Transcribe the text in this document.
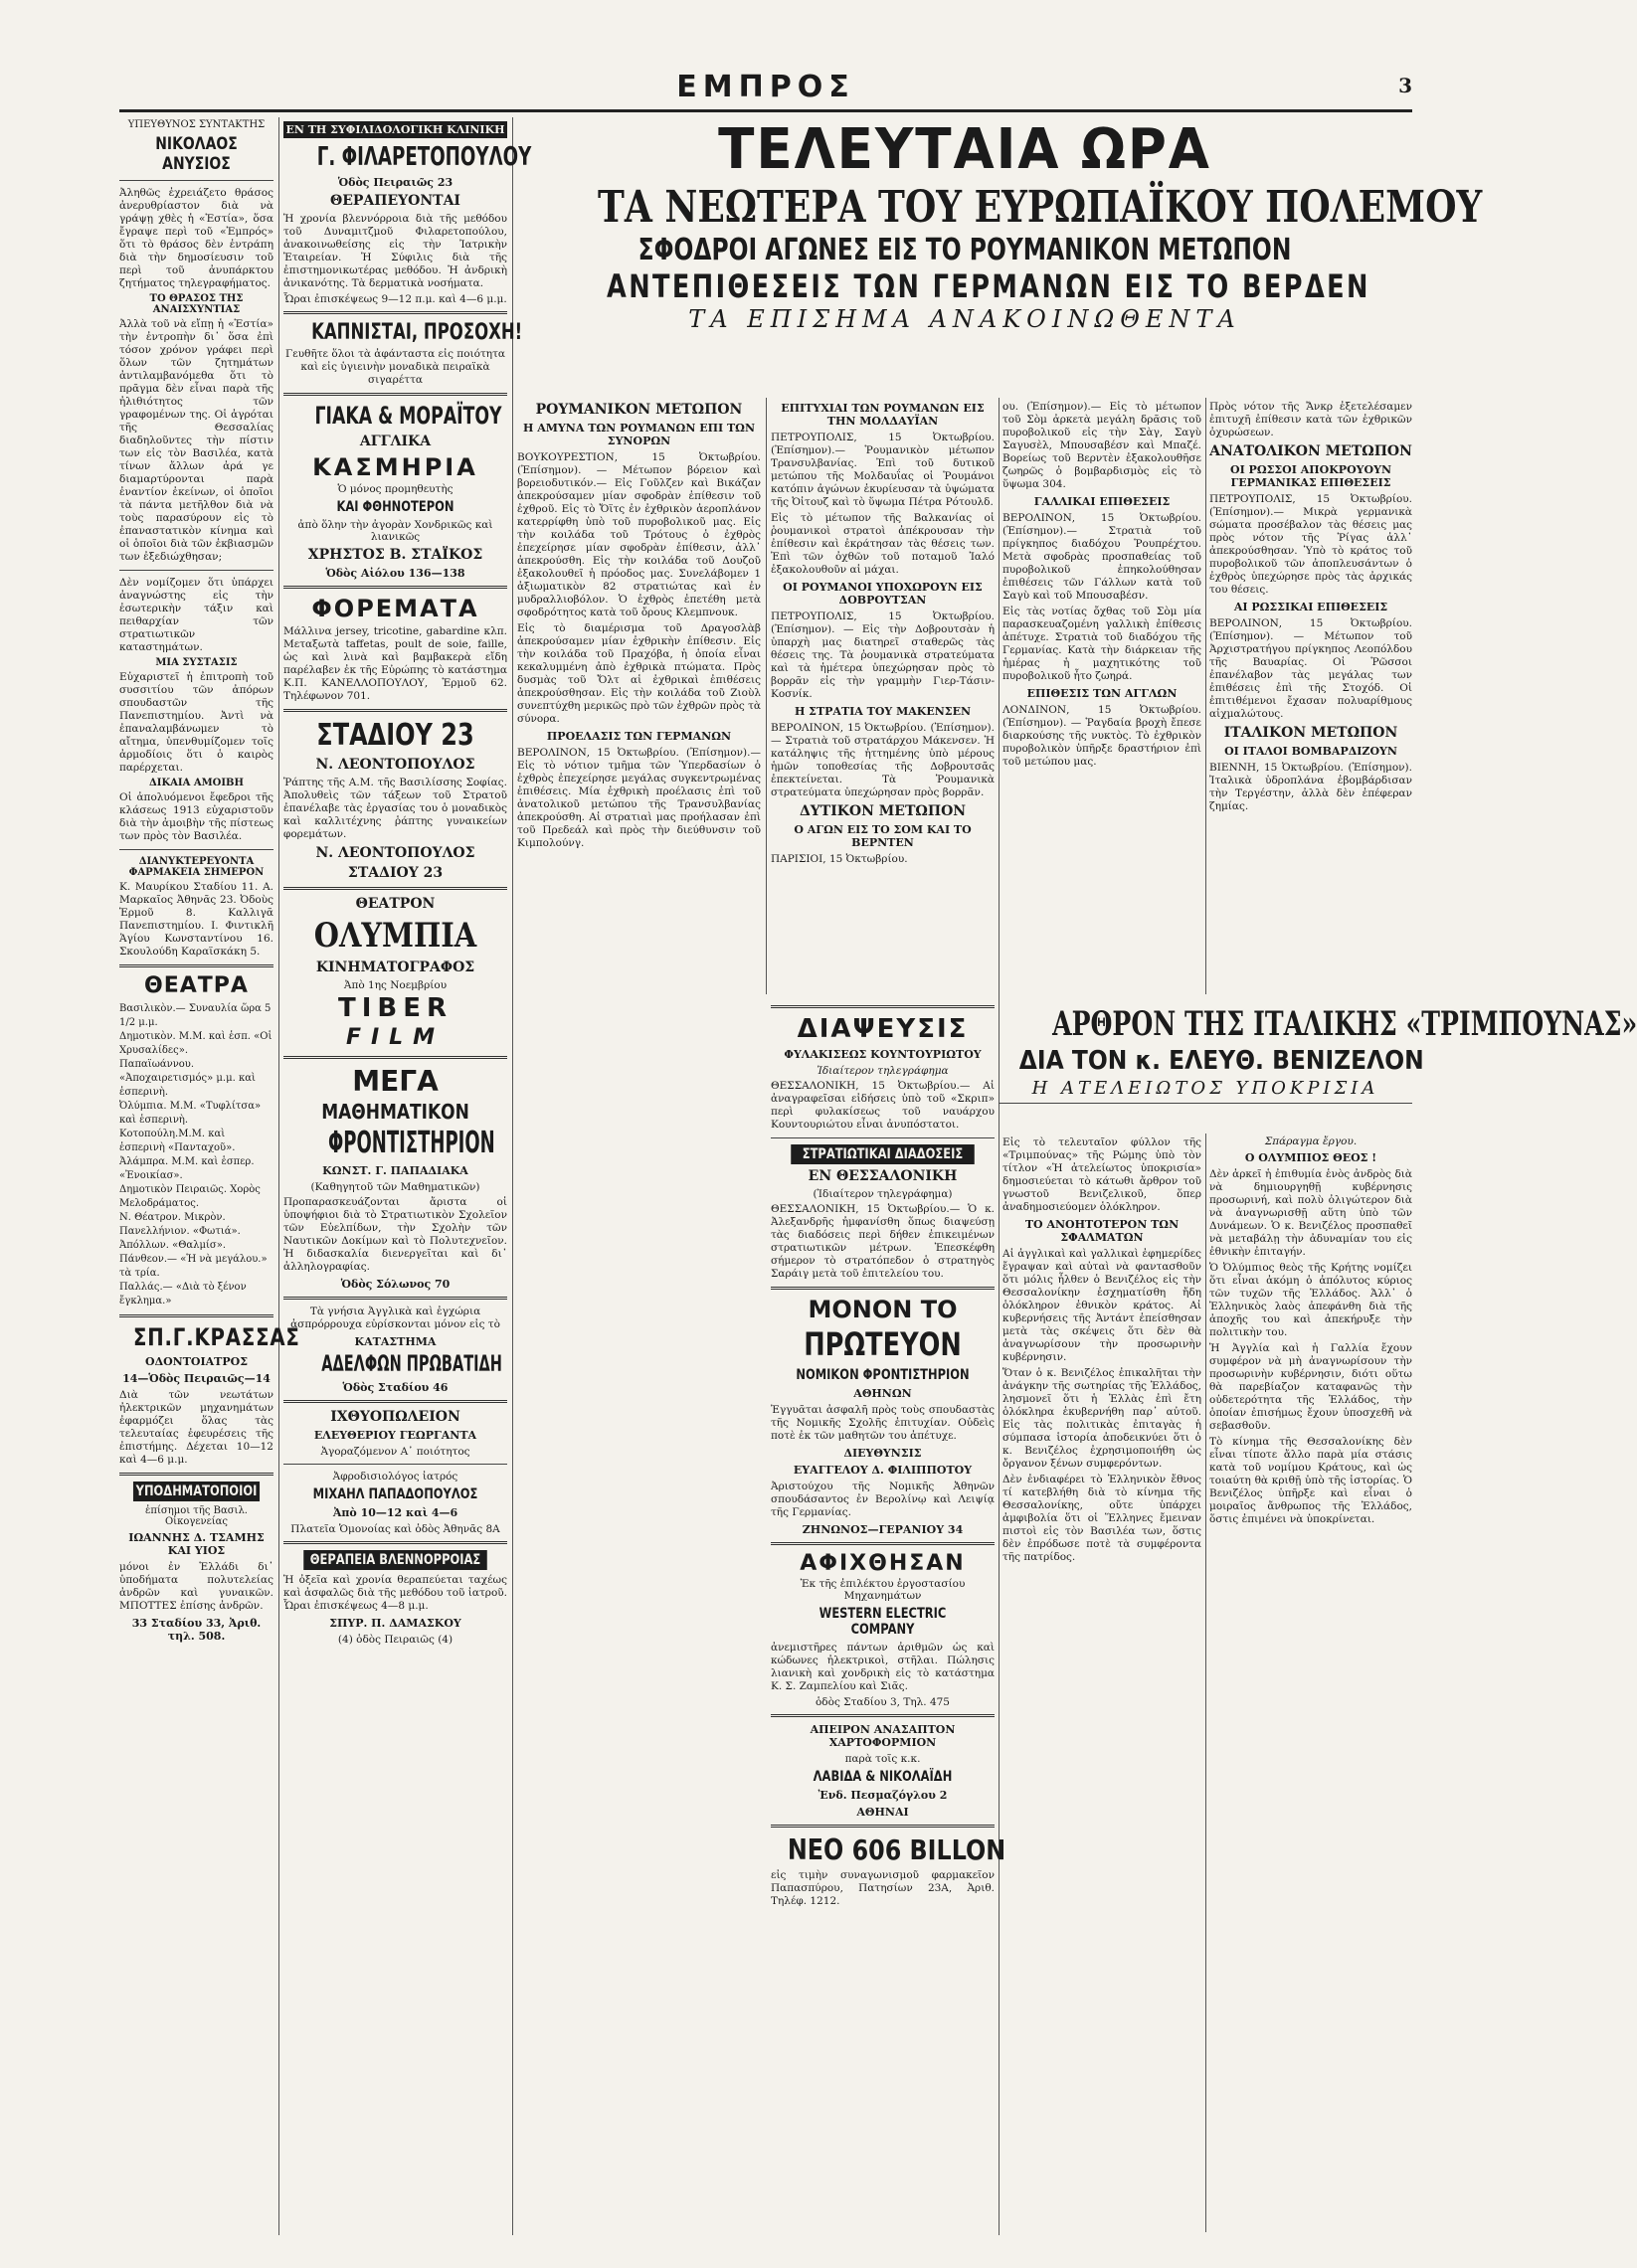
ΕΜΠΡΟΣ	3
ΥΠΕΥΘΥΝΟΣ ΣΥΝΤΑΚΤΗΣ
ΝΙΚΟΛΑΟΣ ΑΝΥΣΙΟΣ

Ἀληθῶς ἐχρειάζετο θράσος ἀνερυθρίαστον διὰ νὰ γράψῃ χθὲς ἡ «Ἑστία», ὅσα ἔγραψε περὶ τοῦ «Ἐμπρός» ὅτι τὸ θράσος δὲν ἐντράπη διὰ τὴν δημοσίευσιν τοῦ περὶ τοῦ ἀνυπάρκτου ζητήματος τηλεγραφήματος.

ΤΟ ΘΡΑΣΟΣ ΤΗΣ ΑΝΑΙΣΧΥΝΤΙΑΣ

Ἀλλὰ τοῦ νὰ εἴπῃ ἡ «Ἑστία» τὴν ἐντροπὴν δι᾽ ὅσα ἐπὶ τόσον χρόνον γράφει περὶ ὅλων τῶν ζητημάτων ἀντιλαμβανόμεθα ὅτι τὸ πρᾶγμα δὲν εἶναι παρὰ τῆς ἠλιθιότητος τῶν γραφομένων της. Οἱ ἀγρόται τῆς Θεσσαλίας διαδηλοῦντες τὴν πίστιν των εἰς τὸν Βασιλέα, κατὰ τίνων ἄλλων ἀρά γε διαμαρτύρονται παρὰ ἐναντίον ἐκείνων, οἱ ὁποῖοι τὰ πάντα μετῆλθον διὰ νὰ τοὺς παρασύρουν εἰς τὸ ἐπαναστατικὸν κίνημα καὶ οἱ ὁποῖοι διὰ τῶν ἐκβιασμῶν των ἐξεδιώχθησαν;

Δὲν νομίζομεν ὅτι ὑπάρχει ἀναγνώστης εἰς τὴν ἐσωτερικὴν τάξιν καὶ πειθαρχίαν τῶν στρατιωτικῶν καταστημάτων.

ΜΙΑ ΣΥΣΤΑΣΙΣ

Εὐχαριστεῖ ἡ ἐπιτροπὴ τοῦ συσσιτίου τῶν ἀπόρων σπουδαστῶν τῆς Πανεπιστημίου. Ἀντὶ νὰ ἐπαναλαμβάνωμεν τὸ αἴτημα, ὑπενθυμίζομεν τοῖς ἀρμοδίοις ὅτι ὁ καιρὸς παρέρχεται.

ΔΙΚΑΙΑ ΑΜΟΙΒΗ

Οἱ ἀπολυόμενοι ἔφεδροι τῆς κλάσεως 1913 εὐχαριστοῦν διὰ τὴν ἀμοιβὴν τῆς πίστεως των πρὸς τὸν Βασιλέα.

ΔΙΑΝΥΚΤΕΡΕΥΟΝΤΑ ΦΑΡΜΑΚΕΙΑ ΣΗΜΕΡΟΝ

Κ. Μαυρίκου Σταδίου 11. Α. Μαρκαῖος Ἀθηνᾶς 23. Ὀδοὺς Ἑρμοῦ 8. Καλλιγᾶ Πανεπιστημίου. Ι. Φιντικλῆ Ἁγίου Κωνσταντίνου 16. Σκουλούδη Καραϊσκάκη 5.

ΘΕΑΤΡΑ

Βασιλικὸν.— Συναυλία ὥρα 5 1/2 μ.μ.

Δημοτικὸν. Μ.Μ. καὶ ἑσπ. «Οἱ Χρυσαλίδες».

Παπαϊωάννου. «Ἀποχαιρετισμός» μ.μ. καὶ ἑσπερινὴ.

Ὀλύμπια. Μ.Μ. «Τυφλίτσα» καὶ ἑσπερινὴ.

Κοτοπούλη.Μ.Μ. καὶ ἑσπερινὴ «Πανταχοῦ».

Ἀλάμπρα. Μ.Μ. καὶ ἑσπερ. «Ἐνοικίασ».

Δημοτικὸν Πειραιῶς. Χορὸς Μελοδράματος.

Ν. Θέατρον. Μικρὸν.

Πανελλήνιον. «Φωτιά».

Ἀπόλλων. «Θαλμίσ».

Πάνθεον.— «Ἡ νὰ μεγάλου.» τὰ τρία.

Παλλάς.— «Διὰ τὸ ξένον ἔγκλημα.»

ΣΠ.Γ.ΚΡΑΣΣΑΣ
ΟΔΟΝΤΟΙΑΤΡΟΣ
14—Ὁδὸς Πειραιῶς—14

Διὰ τῶν νεωτάτων ἠλεκτρικῶν μηχανημάτων ἐφαρμόζει ὅλας τὰς τελευταίας ἐφευρέσεις τῆς ἐπιστήμης. Δέχεται 10—12 καὶ 4—6 μ.μ.

ΥΠΟΔΗΜΑΤΟΠΟΙΟΙ
ἐπίσημοι τῆς Βασιλ. Οἰκογενείας
ΙΩΑΝΝΗΣ Δ. ΤΣΑΜΗΣ ΚΑΙ ΥΙΟΣ

μόνοι ἐν Ἑλλάδι δι᾽ ὑποδήματα πολυτελείας ἀνδρῶν καὶ γυναικῶν. ΜΠΟΤΤΕΣ ἐπίσης ἀνδρῶν.

33 Σταδίου 33, Ἀριθ. τηλ. 508.
ΕΝ ΤΗ ΣΥΦΙΛΙΔΟΛΟΓΙΚΗ ΚΛΙΝΙΚΗ
Γ. ΦΙΛΑΡΕΤΟΠΟΥΛΟΥ
Ὁδὸς Πειραιῶς 23
ΘΕΡΑΠΕΥΟΝΤΑΙ

Ἡ χρονία βλεννόρροια διὰ τῆς μεθόδου τοῦ Δυναμιτζμοῦ Φιλαρετοπούλου, ἀνακοινωθείσης εἰς τὴν Ἰατρικὴν Ἑταιρείαν. Ἡ Σύφιλις διὰ τῆς ἐπιστημονικωτέρας μεθόδου. Ἡ ἀνδρικὴ ἀνικανότης. Τὰ δερματικὰ νοσήματα.

Ὧραι ἐπισκέψεως 9—12 π.μ. καὶ 4—6 μ.μ.
ΚΑΠΝΙΣΤΑΙ, ΠΡΟΣΟΧΗ!

Γευθῆτε ὅλοι τὰ ἀφάνταστα εἰς ποιότητα καὶ εἰς ὑγιεινὴν μοναδικὰ πειραϊκὰ σιγαρέττα

ΓΙΑΚΑ & ΜΟΡΑΪΤΟΥ
ΑΓΓΛΙΚΑ
ΚΑΣΜΗΡΙΑ
Ὁ μόνος προμηθευτὴς
ΚΑΙ ΦΘΗΝΟΤΕΡΟΝ
ἀπὸ ὅλην τὴν ἀγορὰν Χονδρικῶς καὶ λιανικῶς
ΧΡΗΣΤΟΣ Β. ΣΤΑΪΚΟΣ
Ὁδὸς Αἰόλου 136—138
ΦΟΡΕΜΑΤΑ

Μάλλινα jersey, tricotine, gabardine κλπ. Μεταξωτὰ taffetas, poult de soie, faille, ὡς καὶ λινὰ καὶ βαμβακερὰ εἴδη παρέλαβεν ἐκ τῆς Εὐρώπης τὸ κατάστημα Κ.Π. ΚΑΝΕΛΛΟΠΟΥΛΟΥ, Ἑρμοῦ 62. Τηλέφωνον 701.

ΣΤΑΔΙΟΥ 23
Ν. ΛΕΟΝΤΟΠΟΥΛΟΣ

Ῥάπτης τῆς Α.Μ. τῆς Βασιλίσσης Σοφίας. Ἀπολυθεὶς τῶν τάξεων τοῦ Στρατοῦ ἐπανέλαβε τὰς ἐργασίας του ὁ μοναδικὸς καὶ καλλιτέχνης ῥάπτης γυναικείων φορεμάτων.

Ν. ΛΕΟΝΤΟΠΟΥΛΟΣ
ΣΤΑΔΙΟΥ 23
ΘΕΑΤΡΟΝ
ΟΛΥΜΠΙΑ
ΚΙΝΗΜΑΤΟΓΡΑΦΟΣ
Ἀπὸ 1ης Νοεμβρίου
TIBER
FILM
ΜΕΓΑ
ΜΑΘΗΜΑΤΙΚΟΝ
ΦΡΟΝΤΙΣΤΗΡΙΟΝ
ΚΩΝΣΤ. Γ. ΠΑΠΑΔΙΑΚΑ
(Καθηγητοῦ τῶν Μαθηματικῶν)

Προπαρασκευάζονται ἄριστα οἱ ὑποψήφιοι διὰ τὸ Στρατιωτικὸν Σχολεῖον τῶν Εὐελπίδων, τὴν Σχολὴν τῶν Ναυτικῶν Δοκίμων καὶ τὸ Πολυτεχνεῖον. Ἡ διδασκαλία διενεργεῖται καὶ δι᾽ ἀλληλογραφίας.

Ὁδὸς Σόλωνος 70

Τὰ γνήσια Ἀγγλικὰ καὶ ἐγχώρια ἀσπρόρρουχα εὑρίσκονται μόνον εἰς τὸ

ΚΑΤΑΣΤΗΜΑ
ΑΔΕΛΦΩΝ ΠΡΩΒΑΤΙΔΗ
Ὁδὸς Σταδίου 46
ΙΧΘΥΟΠΩΛΕΙΟΝ
ΕΛΕΥΘΕΡΙΟΥ ΓΕΩΡΓΑΝΤΑ
Ἀγοραζόμενον Α᾽ ποιότητος
Ἀφροδισιολόγος ἰατρός
ΜΙΧΑΗΛ ΠΑΠΑΔΟΠΟΥΛΟΣ
Ἀπὸ 10—12 καὶ 4—6
Πλατεῖα Ὁμονοίας καὶ ὁδὸς Ἀθηνᾶς 8Α
ΘΕΡΑΠΕΙΑ ΒΛΕΝΝΟΡΡΟΙΑΣ

Ἡ ὀξεῖα καὶ χρονία θεραπεύεται ταχέως καὶ ἀσφαλῶς διὰ τῆς μεθόδου τοῦ ἰατροῦ. Ὧραι ἐπισκέψεως 4—8 μ.μ.

ΣΠΥΡ. Π. ΔΑΜΑΣΚΟΥ
(4) ὁδὸς Πειραιῶς (4)
ΤΕΛΕΥΤΑΙΑ ΩΡΑ
ΤΑ ΝΕΩΤΕΡΑ ΤΟΥ ΕΥΡΩΠΑΪΚΟΥ ΠΟΛΕΜΟΥ
ΣΦΟΔΡΟΙ ΑΓΩΝΕΣ ΕΙΣ ΤΟ ΡΟΥΜΑΝΙΚΟΝ ΜΕΤΩΠΟΝ
ΑΝΤΕΠΙΘΕΣΕΙΣ ΤΩΝ ΓΕΡΜΑΝΩΝ ΕΙΣ ΤΟ ΒΕΡΔΕΝ
ΤΑ ΕΠΙΣΗΜΑ ΑΝΑΚΟΙΝΩΘΕΝΤΑ
ΡΟΥΜΑΝΙΚΟΝ ΜΕΤΩΠΟΝ
Η ΑΜΥΝΑ ΤΩΝ ΡΟΥΜΑΝΩΝ ΕΠΙ ΤΩΝ ΣΥΝΟΡΩΝ

ΒΟΥΚΟΥΡΕΣΤΙΟΝ, 15 Ὀκτωβρίου. (Ἐπίσημον). — Μέτωπον βόρειον καὶ βορειοδυτικόν.— Εἰς Γοῦλζεν καὶ Βικάζαν ἀπεκρούσαμεν μίαν σφοδρὰν ἐπίθεσιν τοῦ ἐχθροῦ. Εἰς τὸ Ὄϊτς ἐν ἐχθρικὸν ἀεροπλάνον κατερρίφθη ὑπὸ τοῦ πυροβολικοῦ μας. Εἰς τὴν κοιλάδα τοῦ Τρότους ὁ ἐχθρὸς ἐπεχείρησε μίαν σφοδρὰν ἐπίθεσιν, ἀλλ᾽ ἀπεκρούσθη. Εἰς τὴν κοιλάδα τοῦ Δουζοῦ ἐξακολουθεῖ ἡ πρόοδος μας. Συνελάβομεν 1 ἀξιωματικὸν 82 στρατιώτας καὶ ἐν μυδραλλιοβόλον. Ὁ ἐχθρὸς ἐπετέθη μετὰ σφοδρότητος κατὰ τοῦ ὄρους Κλεμπνουκ.

Εἰς τὸ διαμέρισμα τοῦ Δραγοσλὰβ ἀπεκρούσαμεν μίαν ἐχθρικὴν ἐπίθεσιν. Εἰς τὴν κοιλάδα τοῦ Πραχόβα, ἡ ὁποία εἶναι κεκαλυμμένη ἀπὸ ἐχθρικὰ πτώματα. Πρὸς δυσμὰς τοῦ Ὄλτ αἱ ἐχθρικαὶ ἐπιθέσεις ἀπεκρούσθησαν. Εἰς τὴν κοιλάδα τοῦ Ζιοὺλ συνεπτύχθη μερικῶς πρὸ τῶν ἐχθρῶν πρὸς τὰ σύνορα.

ΠΡΟΕΛΑΣΙΣ ΤΩΝ ΓΕΡΜΑΝΩΝ

ΒΕΡΟΛΙΝΟΝ, 15 Ὀκτωβρίου. (Ἐπίσημον).— Εἰς τὸ νότιον τμῆμα τῶν Ὑπερδασίων ὁ ἐχθρὸς ἐπεχείρησε μεγάλας συγκεντρωμένας ἐπιθέσεις. Μία ἐχθρικὴ προέλασις ἐπὶ τοῦ ἀνατολικοῦ μετώπου τῆς Τρανσυλβανίας ἀπεκρούσθη. Αἱ στρατιαὶ μας προήλασαν ἐπὶ τοῦ Πρεδεάλ καὶ πρὸς τὴν διεύθυνσιν τοῦ Κιμπολούνγ.

ΕΠΙΤΥΧΙΑΙ ΤΩΝ ΡΟΥΜΑΝΩΝ ΕΙΣ ΤΗΝ ΜΟΛΔΑΥΪΑΝ

ΠΕΤΡΟΥΠΟΛΙΣ, 15 Ὀκτωβρίου. (Ἐπίσημον).— Ῥουμανικὸν μέτωπον Τρανσυλβανίας. Ἐπὶ τοῦ δυτικοῦ μετώπου τῆς Μολδαυΐας οἱ Ῥουμάνοι κατόπιν ἀγώνων ἐκυρίευσαν τὰ ὑψώματα τῆς Ὀἰτουζ καὶ τὸ ὕψωμα Πέτρα Ρότουλδ.

Εἰς τὸ μέτωπον τῆς Βαλκανίας οἱ ῥουμανικοὶ στρατοὶ ἀπέκρουσαν τὴν ἐπίθεσιν καὶ ἐκράτησαν τὰς θέσεις των. Ἐπὶ τῶν ὀχθῶν τοῦ ποταμοῦ Ἰαλό ἐξακολουθοῦν αἱ μάχαι.

ΟΙ ΡΟΥΜΑΝΟΙ ΥΠΟΧΩΡΟΥΝ ΕΙΣ ΔΟΒΡΟΥΤΣΑΝ

ΠΕΤΡΟΥΠΟΛΙΣ, 15 Ὀκτωβρίου. (Ἐπίσημον). — Εἰς τὴν Δοβρουτσὰν ἡ ὑπαρχὴ μας διατηρεῖ σταθερῶς τὰς θέσεις της. Τὰ ῥουμανικὰ στρατεύματα καὶ τὰ ἡμέτερα ὑπεχώρησαν πρὸς τὸ βορρᾶν εἰς τὴν γραμμὴν Γιερ-Τάσιν-Κοσνίκ.

Η ΣΤΡΑΤΙΑ ΤΟΥ ΜΑΚΕΝΣΕΝ

ΒΕΡΟΛΙΝΟΝ, 15 Ὀκτωβρίου. (Ἐπίσημον). — Στρατιὰ τοῦ στρατάρχου Μάκενσεν. Ἡ κατάληψις τῆς ἡττημένης ὑπὸ μέρους ἡμῶν τοποθεσίας τῆς Δοβρουτσᾶς ἐπεκτείνεται. Τὰ Ῥουμανικὰ στρατεύματα ὑπεχώρησαν πρὸς βορρᾶν.

ΔΥΤΙΚΟΝ ΜΕΤΩΠΟΝ
Ο ΑΓΩΝ ΕΙΣ ΤΟ ΣΟΜ ΚΑΙ ΤΟ ΒΕΡΝΤΕΝ

ΠΑΡΙΣΙΟΙ, 15 Ὀκτωβρίου.

ου. (Ἐπίσημον).— Εἰς τὸ μέτωπον τοῦ Σὸμ ἀρκετὰ μεγάλη δρᾶσις τοῦ πυροβολικοῦ εἰς τὴν Σὰγ, Σαγὺ Σαγυσὲλ, Μπουσαβέσν καὶ Μπαζέ. Βορείως τοῦ Βερντὲν ἐξακολουθῆσε ζωηρῶς ὁ βομβαρδισμὸς εἰς τὸ ὕψωμα 304.

ΓΑΛΛΙΚΑΙ ΕΠΙΘΕΣΕΙΣ

ΒΕΡΟΛΙΝΟΝ, 15 Ὀκτωβρίου. (Ἐπίσημον).— Στρατιὰ τοῦ πρίγκηπος διαδόχου Ῥουπρέχτου. Μετὰ σφοδρὰς προσπαθείας τοῦ πυροβολικοῦ ἐπηκολούθησαν ἐπιθέσεις τῶν Γάλλων κατὰ τοῦ Σαγὺ καὶ τοῦ Μπουσαβέσν.

Εἰς τὰς νοτίας ὄχθας τοῦ Σὸμ μία παρασκευαζομένη γαλλικὴ ἐπίθεσις ἀπέτυχε. Στρατιὰ τοῦ διαδόχου τῆς Γερμανίας. Κατὰ τὴν διάρκειαν τῆς ἡμέρας ἡ μαχητικότης τοῦ πυροβολικοῦ ἦτο ζωηρά.

ΕΠΙΘΕΣΙΣ ΤΩΝ ΑΓΓΛΩΝ

ΛΟΝΔΙΝΟΝ, 15 Ὀκτωβρίου. (Ἐπίσημον). — Ῥαγδαία βροχὴ ἔπεσε διαρκούσης τῆς νυκτὸς. Τὸ ἐχθρικὸν πυροβολικὸν ὑπῆρξε δραστήριον ἐπὶ τοῦ μετώπου μας.

Πρὸς νότον τῆς Ἄνκρ ἐξετελέσαμεν ἐπιτυχῆ ἐπίθεσιν κατὰ τῶν ἐχθρικῶν ὀχυρώσεων.

ΑΝΑΤΟΛΙΚΟΝ ΜΕΤΩΠΟΝ
ΟΙ ΡΩΣΣΟΙ ΑΠΟΚΡΟΥΟΥΝ ΓΕΡΜΑΝΙΚΑΣ ΕΠΙΘΕΣΕΙΣ

ΠΕΤΡΟΥΠΟΛΙΣ, 15 Ὀκτωβρίου. (Ἐπίσημον).— Μικρὰ γερμανικὰ σώματα προσέβαλον τὰς θέσεις μας πρὸς νότον τῆς Ῥίγας ἀλλ᾽ ἀπεκρούσθησαν. Ὑπὸ τὸ κράτος τοῦ πυροβολικοῦ τῶν ἀποπλευσάντων ὁ ἐχθρὸς ὑπεχώρησε πρὸς τὰς ἀρχικάς του θέσεις.

ΑΙ ΡΩΣΣΙΚΑΙ ΕΠΙΘΕΣΕΙΣ

ΒΕΡΟΛΙΝΟΝ, 15 Ὀκτωβρίου. (Ἐπίσημον). — Μέτωπον τοῦ Ἀρχιστρατήγου πρίγκηπος Λεοπόλδου τῆς Βαυαρίας. Οἱ Ῥῶσσοι ἐπανέλαβον τὰς μεγάλας των ἐπιθέσεις ἐπὶ τῆς Στοχόδ. Οἱ ἐπιτιθέμενοι ἔχασαν πολυαρίθμους αἰχμαλώτους.

ΙΤΑΛΙΚΟΝ ΜΕΤΩΠΟΝ
ΟΙ ΙΤΑΛΟΙ ΒΟΜΒΑΡΔΙΖΟΥΝ

ΒΙΕΝΝΗ, 15 Ὀκτωβρίου. (Ἐπίσημον). Ἰταλικὰ ὑδροπλάνα ἐβομβάρδισαν τὴν Τεργέστην, ἀλλὰ δὲν ἐπέφεραν ζημίας.

ΔΙΑΨΕΥΣΙΣ
ΦΥΛΑΚΙΣΕΩΣ ΚΟΥΝΤΟΥΡΙΩΤΟΥ
Ἰδιαίτερον τηλεγράφημα

ΘΕΣΣΑΛΟΝΙΚΗ, 15 Ὀκτωβρίου.— Αἱ ἀναγραφεῖσαι εἰδήσεις ὑπὸ τοῦ «Σκριπ» περὶ φυλακίσεως τοῦ ναυάρχου Κουντουριώτου εἶναι ἀνυπόστατοι.

ΣΤΡΑΤΙΩΤΙΚΑΙ ΔΙΑΔΟΣΕΙΣ
ΕΝ ΘΕΣΣΑΛΟΝΙΚΗ
(Ἰδιαίτερον τηλεγράφημα)

ΘΕΣΣΑΛΟΝΙΚΗ, 15 Ὀκτωβρίου.— Ὁ κ. Ἀλεξανδρῆς ἠμφανίσθη ὅπως διαψεύσῃ τὰς διαδόσεις περὶ δήθεν ἐπικειμένων στρατιωτικῶν μέτρων. Ἐπεσκέφθη σήμερον τὸ στρατόπεδον ὁ στρατηγὸς Σαράιγ μετὰ τοῦ ἐπιτελείου του.

ΜΟΝΟΝ ΤΟ
ΠΡΩΤΕΥΟΝ
ΝΟΜΙΚΟΝ ΦΡΟΝΤΙΣΤΗΡΙΟΝ
ΑΘΗΝΩΝ

Ἐγγυᾶται ἀσφαλῆ πρὸς τοὺς σπουδαστὰς τῆς Νομικῆς Σχολῆς ἐπιτυχίαν. Οὐδεὶς ποτὲ ἐκ τῶν μαθητῶν του ἀπέτυχε.

ΔΙΕΥΘΥΝΣΙΣ
ΕΥΑΓΓΕΛΟΥ Δ. ΦΙΛΙΠΠΟΤΟΥ

Ἀριστούχου τῆς Νομικῆς Ἀθηνῶν σπουδάσαντος ἐν Βερολίνῳ καὶ Λειψίᾳ τῆς Γερμανίας.

ΖΗΝΩΝΟΣ—ΓΕΡΑΝΙΟΥ 34
ΑΦΙΧΘΗΣΑΝ
Ἐκ τῆς ἐπιλέκτου ἐργοστασίου Μηχανημάτων
WESTERN ELECTRIC COMPANY

ἀνεμιστῆρες πάντων ἀριθμῶν ὡς καὶ κώδωνες ἠλεκτρικοὶ, στῆλαι. Πώλησις λιανικὴ καὶ χονδρικὴ εἰς τὸ κατάστημα Κ. Σ. Ζαμπελίου καὶ Σιᾶς.

ὁδὸς Σταδίου 3, Τηλ. 475
ΑΠΕΙΡΟΝ ΑΝΑΣΑΠΤΟΝ ΧΑΡΤΟΦΟΡΜΙΟΝ
παρὰ τοῖς κ.κ.
ΛΑΒΙΔΑ & ΝΙΚΟΛΑΪΔΗ
Ἐνδ. Πεσμαζόγλου 2
ΑΘΗΝΑΙ
ΝΕΟ 606 BILLON

εἰς τιμὴν συναγωνισμοῦ φαρμακεῖον Παπασπύρου, Πατησίων 23Α, Ἀριθ. Τηλέφ. 1212.

ΑΡΘΡΟΝ ΤΗΣ ΙΤΑΛΙΚΗΣ «ΤΡΙΜΠΟΥΝΑΣ»
ΔΙΑ ΤΟΝ κ. ΕΛΕΥΘ. ΒΕΝΙΖΕΛΟΝ
Η ΑΤΕΛΕΙΩΤΟΣ ΥΠΟΚΡΙΣΙΑ

Εἰς τὸ τελευταῖον φύλλον τῆς «Τριμπούνας» τῆς Ρώμης ὑπὸ τὸν τίτλον «Ἡ ἀτελείωτος ὑποκρισία» δημοσιεύεται τὸ κάτωθι ἄρθρον τοῦ γνωστοῦ Βενιζελικοῦ, ὅπερ ἀναδημοσιεύομεν ὁλόκληρον.

ΤΟ ΑΝΟΗΤΟΤΕΡΟΝ ΤΩΝ ΣΦΑΛΜΑΤΩΝ

Αἱ ἀγγλικαὶ καὶ γαλλικαὶ ἐφημερίδες ἔγραψαν καὶ αὐταὶ νὰ φαντασθοῦν ὅτι μόλις ἦλθεν ὁ Βενιζέλος εἰς τὴν Θεσσαλονίκην ἐσχηματίσθη ἤδη ὁλόκληρον ἐθνικὸν κράτος. Αἱ κυβερνήσεις τῆς Ἀντάντ ἐπείσθησαν μετὰ τὰς σκέψεις ὅτι δὲν θὰ ἀναγνωρίσουν τὴν προσωρινὴν κυβέρνησιν.

Ὅταν ὁ κ. Βενιζέλος ἐπικαλῆται τὴν ἀνάγκην τῆς σωτηρίας τῆς Ἑλλάδος, λησμονεῖ ὅτι ἡ Ἑλλὰς ἐπὶ ἔτη ὁλόκληρα ἐκυβερνήθη παρ᾽ αὐτοῦ. Εἰς τὰς πολιτικὰς ἐπιταγὰς ἡ σύμπασα ἱστορία ἀποδεικνύει ὅτι ὁ κ. Βενιζέλος ἐχρησιμοποιήθη ὡς ὄργανον ξένων συμφερόντων.

Δὲν ἐνδιαφέρει τὸ Ἑλληνικὸν ἔθνος τί κατεβλήθη διὰ τὸ κίνημα τῆς Θεσσαλονίκης, οὔτε ὑπάρχει ἀμφιβολία ὅτι οἱ Ἕλληνες ἔμειναν πιστοὶ εἰς τὸν Βασιλέα των, ὅστις δὲν ἐπρόδωσε ποτὲ τὰ συμφέροντα τῆς πατρίδος.

Σπάραγμα ἔργου.
Ο ΟΛΥΜΠΙΟΣ ΘΕΟΣ !

Δὲν ἀρκεῖ ἡ ἐπιθυμία ἑνὸς ἀνδρὸς διὰ νὰ δημιουργηθῇ κυβέρνησις προσωρινή, καὶ πολὺ ὀλιγώτερον διὰ νὰ ἀναγνωρισθῇ αὕτη ὑπὸ τῶν Δυνάμεων. Ὁ κ. Βενιζέλος προσπαθεῖ νὰ μεταβάλῃ τὴν ἀδυναμίαν του εἰς ἐθνικὴν ἐπιταγήν.

Ὁ Ὀλύμπιος θεὸς τῆς Κρήτης νομίζει ὅτι εἶναι ἀκόμη ὁ ἀπόλυτος κύριος τῶν τυχῶν τῆς Ἑλλάδος. Ἀλλ᾽ ὁ Ἑλληνικὸς λαὸς ἀπεφάνθη διὰ τῆς ἀποχῆς του καὶ ἀπεκήρυξε τὴν πολιτικὴν του.

Ἡ Ἀγγλία καὶ ἡ Γαλλία ἔχουν συμφέρον νὰ μὴ ἀναγνωρίσουν τὴν προσωρινὴν κυβέρνησιν, διότι οὕτω θὰ παρεβίαζον καταφανῶς τὴν οὐδετερότητα τῆς Ἑλλάδος, τὴν ὁποίαν ἐπισήμως ἔχουν ὑποσχεθῆ νὰ σεβασθοῦν.

Τὸ κίνημα τῆς Θεσσαλονίκης δὲν εἶναι τίποτε ἄλλο παρὰ μία στάσις κατὰ τοῦ νομίμου Κράτους, καὶ ὡς τοιαύτη θὰ κριθῇ ὑπὸ τῆς ἱστορίας. Ὁ Βενιζέλος ὑπῆρξε καὶ εἶναι ὁ μοιραῖος ἄνθρωπος τῆς Ἑλλάδος, ὅστις ἐπιμένει νὰ ὑποκρίνεται.
